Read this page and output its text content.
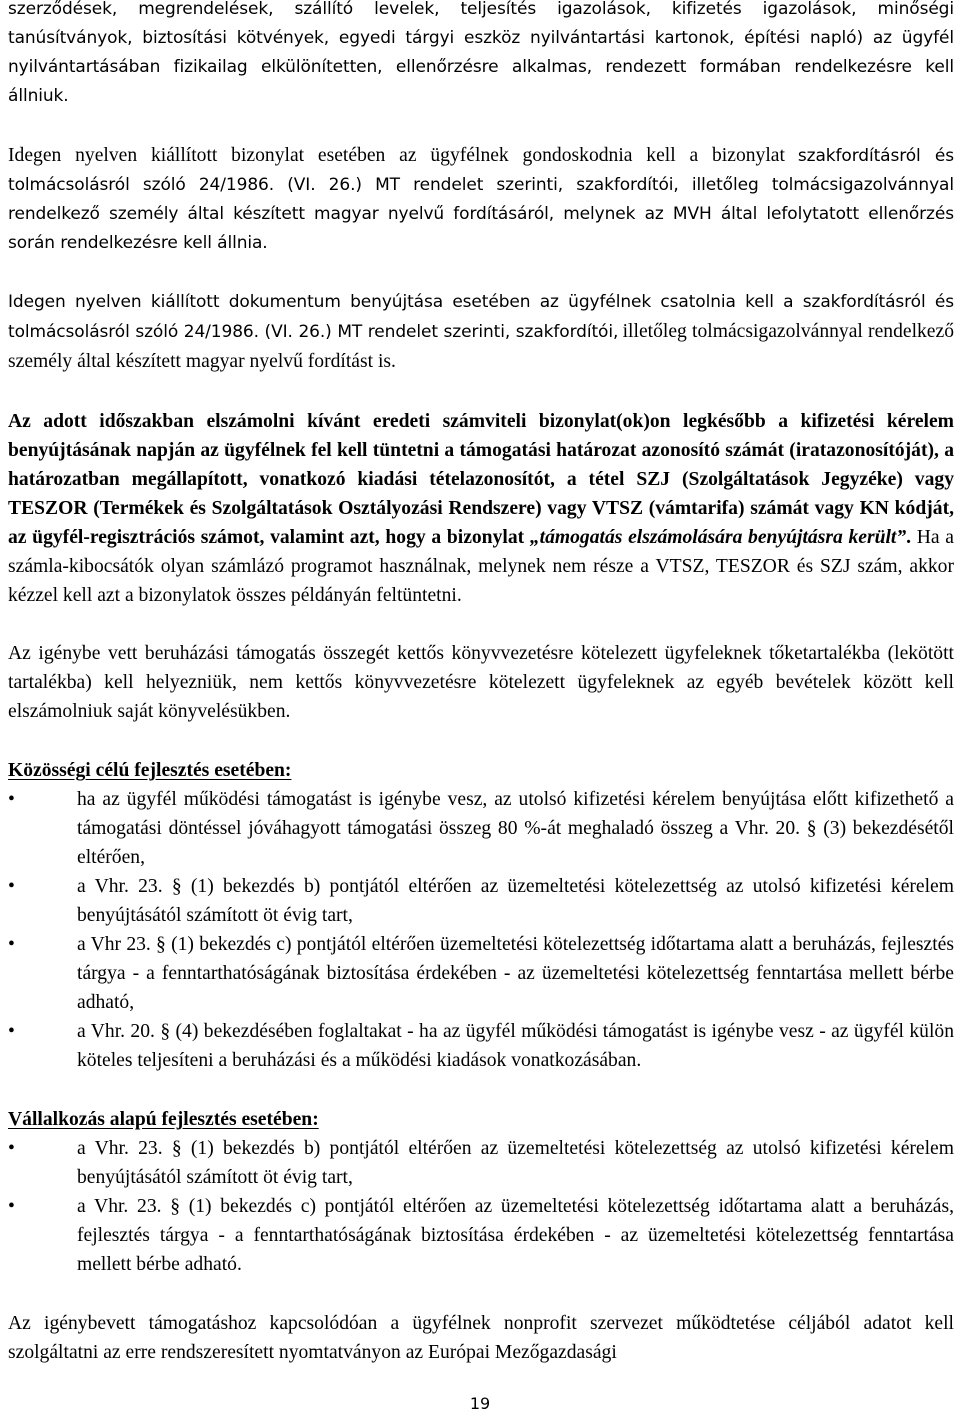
szerződések, megrendelések, szállító levelek, teljesítés igazolások, kifizetés igazolások, minőségi tanúsítványok, biztosítási kötvények, egyedi tárgyi eszköz nyilvántartási kartonok, építési napló) az ügyfél nyilvántartásában fizikailag elkülönítetten, ellenőrzésre alkalmas, rendezett formában rendelkezésre kell állniuk.

Idegen nyelven kiállított bizonylat esetében az ügyfélnek gondoskodnia kell a bizonylat szakfordításról és tolmácsolásról szóló 24/1986. (VI. 26.) MT rendelet szerinti, szakfordítói, illetőleg tolmácsigazolvánnyal rendelkező személy által készített magyar nyelvű fordításáról, melynek az MVH által lefolytatott ellenőrzés során rendelkezésre kell állnia.

Idegen nyelven kiállított dokumentum benyújtása esetében az ügyfélnek csatolnia kell a szakfordításról és tolmácsolásról szóló 24/1986. (VI. 26.) MT rendelet szerinti, szakfordítói, illetőleg tolmácsigazolvánnyal rendelkező személy által készített magyar nyelvű fordítást is.

Az adott időszakban elszámolni kívánt eredeti számviteli bizonylat(ok)on legkésőbb a kifizetési kérelem benyújtásának napján az ügyfélnek fel kell tüntetni a támogatási határozat azonosító számát (iratazonosítóját), a határozatban megállapított, vonatkozó kiadási tételazonosítót, a tétel SZJ (Szolgáltatások Jegyzéke) vagy TESZOR (Termékek és Szolgáltatások Osztályozási Rendszere) vagy VTSZ (vámtarifa) számát vagy KN kódját, az ügyfél-regisztrációs számot, valamint azt, hogy a bizonylat „támogatás elszámolására benyújtásra került”. Ha a számla-kibocsátók olyan számlázó programot használnak, melynek nem része a VTSZ, TESZOR és SZJ szám, akkor kézzel kell azt a bizonylatok összes példányán feltüntetni.

Az igénybe vett beruházási támogatás összegét kettős könyvvezetésre kötelezett ügyfeleknek tőketartalékba (lekötött tartalékba) kell helyezniük, nem kettős könyvvezetésre kötelezett ügyfeleknek az egyéb bevételek között kell elszámolniuk saját könyvelésükben.

Közösségi célú fejlesztés esetében:

•	ha az ügyfél működési támogatást is igénybe vesz, az utolsó kifizetési kérelem benyújtása előtt kifizethető a támogatási döntéssel jóváhagyott támogatási összeg 80 %-át meghaladó összeg a Vhr. 20. § (3) bekezdésétől eltérően,
•	a Vhr. 23. § (1) bekezdés b) pontjától eltérően az üzemeltetési kötelezettség az utolsó kifizetési kérelem benyújtásától számított öt évig tart,
•	a Vhr 23. § (1) bekezdés c) pontjától eltérően üzemeltetési kötelezettség időtartama alatt a beruházás, fejlesztés tárgya - a fenntarthatóságának biztosítása érdekében - az üzemeltetési kötelezettség fenntartása mellett bérbe adható,
•	a Vhr. 20. § (4) bekezdésében foglaltakat - ha az ügyfél működési támogatást is igénybe vesz - az ügyfél külön köteles teljesíteni a beruházási és a működési kiadások vonatkozásában.

Vállalkozás alapú fejlesztés esetében:

•	a Vhr. 23. § (1) bekezdés b) pontjától eltérően az üzemeltetési kötelezettség az utolsó kifizetési kérelem benyújtásától számított öt évig tart,
•	a Vhr. 23. § (1) bekezdés c) pontjától eltérően az üzemeltetési kötelezettség időtartama alatt a beruházás, fejlesztés tárgya - a fenntarthatóságának biztosítása érdekében - az üzemeltetési kötelezettség fenntartása mellett bérbe adható.

Az igénybevett támogatáshoz kapcsolódóan a ügyfélnek nonprofit szervezet működtetése céljából adatot kell szolgáltatni az erre rendszeresített nyomtatványon az Európai Mezőgazdasági

19
